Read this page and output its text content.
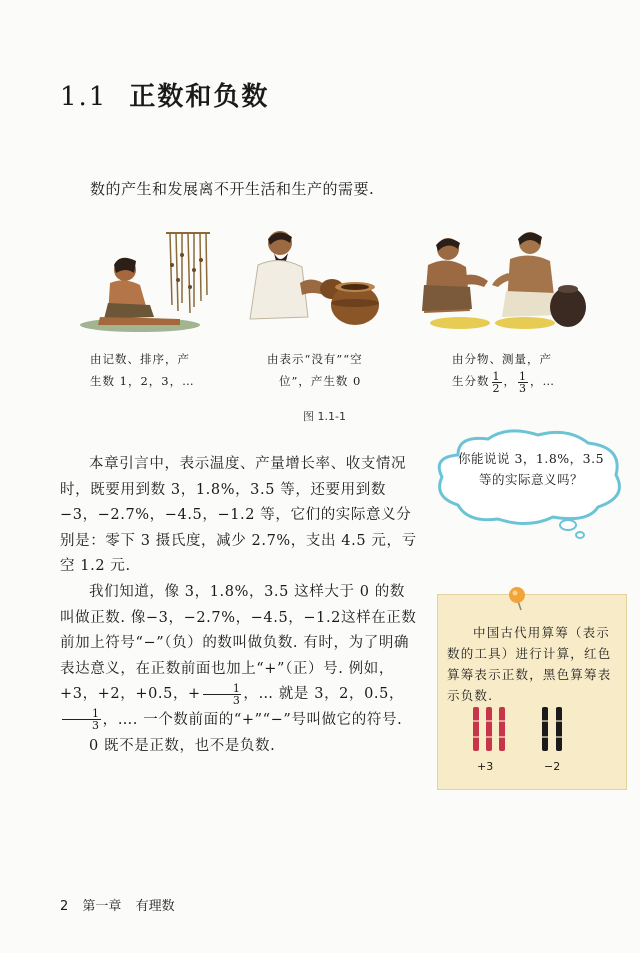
1.1 正数和负数
数的产生和发展离不开生活和生产的需要.
由记数、排序，产
生数 1，2，3，…
由表示“没有”“空
位”，产生数 0
由分物、测量，产
生分数 $\frac{1}{2}$ ， $\frac{1}{3}$ ，…
图 1.1-1

本章引言中，表示温度、产量增长率、收支情况时，既要用到数 3，1.8%，3.5 等，还要用到数−3，−2.7%，−4.5，−1.2 等，它们的实际意义分别是：零下 3 摄氏度，减少 2.7%，支出 4.5 元，亏空 1.2 元.

我们知道，像 3，1.8%，3.5 这样大于 0 的数叫做正数. 像−3，−2.7%，−4.5，−1.2这样在正数前加上符号“−”（负）的数叫做负数. 有时，为了明确表达意义，在正数前面也加上“+”（正）号. 例如，+3，+2，+0.5，+ $\frac{1}{3}$ ，… 就是 3，2，0.5，
$\frac{1}{3}$ ，…. 一个数前面的“+”“−”号叫做它的符号.

0 既不是正数，也不是负数.

你能说说 3，1.8%，3.5 等的实际意义吗？

中国古代用算筹（表示数的工具）进行计算，红色算筹表示正数，黑色算筹表示负数.

+3	−2
2 第一章 有理数
